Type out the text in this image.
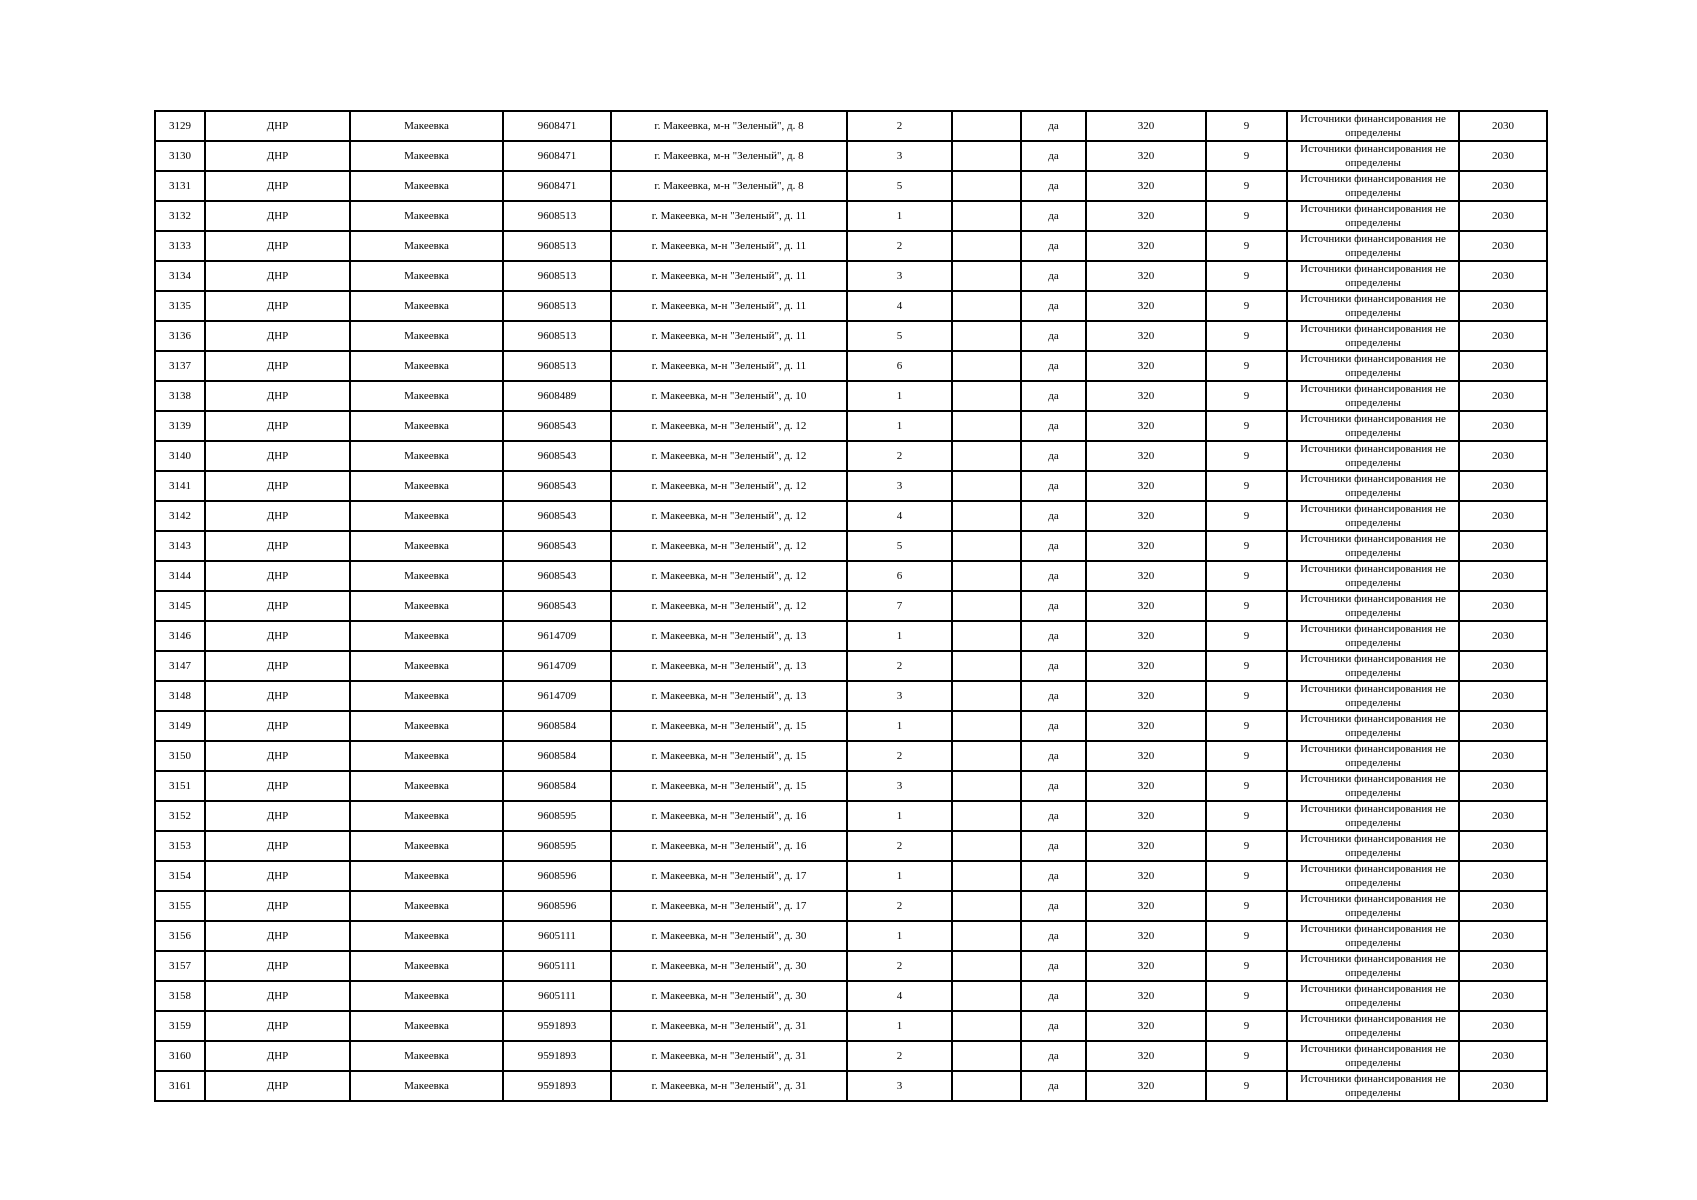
3129	ДНР	Макеевка	9608471	г. Макеевка, м-н "Зеленый", д. 8	2		да	320	9	Источники финансирования не определены	2030
3130	ДНР	Макеевка	9608471	г. Макеевка, м-н "Зеленый", д. 8	3		да	320	9	Источники финансирования не определены	2030
3131	ДНР	Макеевка	9608471	г. Макеевка, м-н "Зеленый", д. 8	5		да	320	9	Источники финансирования не определены	2030
3132	ДНР	Макеевка	9608513	г. Макеевка, м-н "Зеленый", д. 11	1		да	320	9	Источники финансирования не определены	2030
3133	ДНР	Макеевка	9608513	г. Макеевка, м-н "Зеленый", д. 11	2		да	320	9	Источники финансирования не определены	2030
3134	ДНР	Макеевка	9608513	г. Макеевка, м-н "Зеленый", д. 11	3		да	320	9	Источники финансирования не определены	2030
3135	ДНР	Макеевка	9608513	г. Макеевка, м-н "Зеленый", д. 11	4		да	320	9	Источники финансирования не определены	2030
3136	ДНР	Макеевка	9608513	г. Макеевка, м-н "Зеленый", д. 11	5		да	320	9	Источники финансирования не определены	2030
3137	ДНР	Макеевка	9608513	г. Макеевка, м-н "Зеленый", д. 11	6		да	320	9	Источники финансирования не определены	2030
3138	ДНР	Макеевка	9608489	г. Макеевка, м-н "Зеленый", д. 10	1		да	320	9	Источники финансирования не определены	2030
3139	ДНР	Макеевка	9608543	г. Макеевка, м-н "Зеленый", д. 12	1		да	320	9	Источники финансирования не определены	2030
3140	ДНР	Макеевка	9608543	г. Макеевка, м-н "Зеленый", д. 12	2		да	320	9	Источники финансирования не определены	2030
3141	ДНР	Макеевка	9608543	г. Макеевка, м-н "Зеленый", д. 12	3		да	320	9	Источники финансирования не определены	2030
3142	ДНР	Макеевка	9608543	г. Макеевка, м-н "Зеленый", д. 12	4		да	320	9	Источники финансирования не определены	2030
3143	ДНР	Макеевка	9608543	г. Макеевка, м-н "Зеленый", д. 12	5		да	320	9	Источники финансирования не определены	2030
3144	ДНР	Макеевка	9608543	г. Макеевка, м-н "Зеленый", д. 12	6		да	320	9	Источники финансирования не определены	2030
3145	ДНР	Макеевка	9608543	г. Макеевка, м-н "Зеленый", д. 12	7		да	320	9	Источники финансирования не определены	2030
3146	ДНР	Макеевка	9614709	г. Макеевка, м-н "Зеленый", д. 13	1		да	320	9	Источники финансирования не определены	2030
3147	ДНР	Макеевка	9614709	г. Макеевка, м-н "Зеленый", д. 13	2		да	320	9	Источники финансирования не определены	2030
3148	ДНР	Макеевка	9614709	г. Макеевка, м-н "Зеленый", д. 13	3		да	320	9	Источники финансирования не определены	2030
3149	ДНР	Макеевка	9608584	г. Макеевка, м-н "Зеленый", д. 15	1		да	320	9	Источники финансирования не определены	2030
3150	ДНР	Макеевка	9608584	г. Макеевка, м-н "Зеленый", д. 15	2		да	320	9	Источники финансирования не определены	2030
3151	ДНР	Макеевка	9608584	г. Макеевка, м-н "Зеленый", д. 15	3		да	320	9	Источники финансирования не определены	2030
3152	ДНР	Макеевка	9608595	г. Макеевка, м-н "Зеленый", д. 16	1		да	320	9	Источники финансирования не определены	2030
3153	ДНР	Макеевка	9608595	г. Макеевка, м-н "Зеленый", д. 16	2		да	320	9	Источники финансирования не определены	2030
3154	ДНР	Макеевка	9608596	г. Макеевка, м-н "Зеленый", д. 17	1		да	320	9	Источники финансирования не определены	2030
3155	ДНР	Макеевка	9608596	г. Макеевка, м-н "Зеленый", д. 17	2		да	320	9	Источники финансирования не определены	2030
3156	ДНР	Макеевка	9605111	г. Макеевка, м-н "Зеленый", д. 30	1		да	320	9	Источники финансирования не определены	2030
3157	ДНР	Макеевка	9605111	г. Макеевка, м-н "Зеленый", д. 30	2		да	320	9	Источники финансирования не определены	2030
3158	ДНР	Макеевка	9605111	г. Макеевка, м-н "Зеленый", д. 30	4		да	320	9	Источники финансирования не определены	2030
3159	ДНР	Макеевка	9591893	г. Макеевка, м-н "Зеленый", д. 31	1		да	320	9	Источники финансирования не определены	2030
3160	ДНР	Макеевка	9591893	г. Макеевка, м-н "Зеленый", д. 31	2		да	320	9	Источники финансирования не определены	2030
3161	ДНР	Макеевка	9591893	г. Макеевка, м-н "Зеленый", д. 31	3		да	320	9	Источники финансирования не определены	2030
